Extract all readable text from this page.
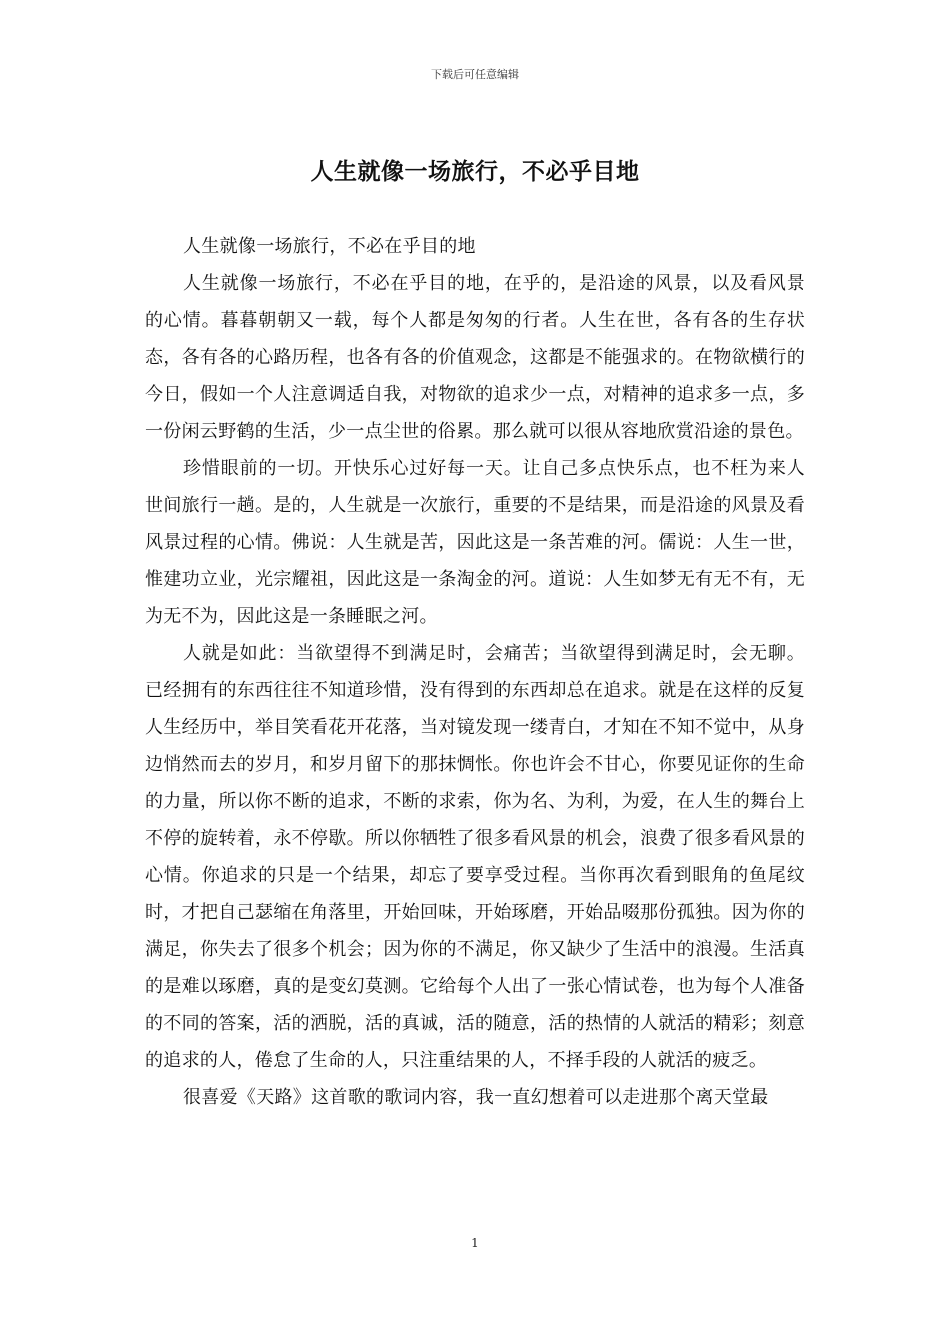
下载后可任意编辑
人生就像一场旅行，不必乎目地

人生就像一场旅行，不必在乎目的地

人生就像一场旅行，不必在乎目的地，在乎的，是沿途的风景，以及看风景的心情。暮暮朝朝又一载，每个人都是匆匆的行者。人生在世，各有各的生存状态，各有各的心路历程，也各有各的价值观念，这都是不能强求的。在物欲横行的今日，假如一个人注意调适自我，对物欲的追求少一点，对精神的追求多一点，多一份闲云野鹤的生活，少一点尘世的俗累。那么就可以很从容地欣赏沿途的景色。

珍惜眼前的一切。开快乐心过好每一天。让自己多点快乐点，也不枉为来人世间旅行一趟。是的，人生就是一次旅行，重要的不是结果，而是沿途的风景及看风景过程的心情。佛说：人生就是苦，因此这是一条苦难的河。儒说：人生一世，惟建功立业，光宗耀祖，因此这是一条淘金的河。道说：人生如梦无有无不有，无为无不为，因此这是一条睡眠之河。

人就是如此：当欲望得不到满足时，会痛苦；当欲望得到满足时，会无聊。已经拥有的东西往往不知道珍惜，没有得到的东西却总在追求。就是在这样的反复人生经历中，举目笑看花开花落，当对镜发现一缕青白，才知在不知不觉中，从身边悄然而去的岁月，和岁月留下的那抹惆怅。你也许会不甘心，你要见证你的生命的力量，所以你不断的追求，不断的求索，你为名、为利，为爱，在人生的舞台上不停的旋转着，永不停歇。所以你牺牲了很多看风景的机会，浪费了很多看风景的心情。你追求的只是一个结果，却忘了要享受过程。当你再次看到眼角的鱼尾纹时，才把自己瑟缩在角落里，开始回味，开始琢磨，开始品啜那份孤独。因为你的满足，你失去了很多个机会；因为你的不满足，你又缺少了生活中的浪漫。生活真的是难以琢磨，真的是变幻莫测。它给每个人出了一张心情试卷，也为每个人准备的不同的答案，活的洒脱，活的真诚，活的随意，活的热情的人就活的精彩；刻意的追求的人，倦怠了生命的人，只注重结果的人，不择手段的人就活的疲乏。

很喜爱《天路》这首歌的歌词内容，我一直幻想着可以走进那个离天堂最

1
